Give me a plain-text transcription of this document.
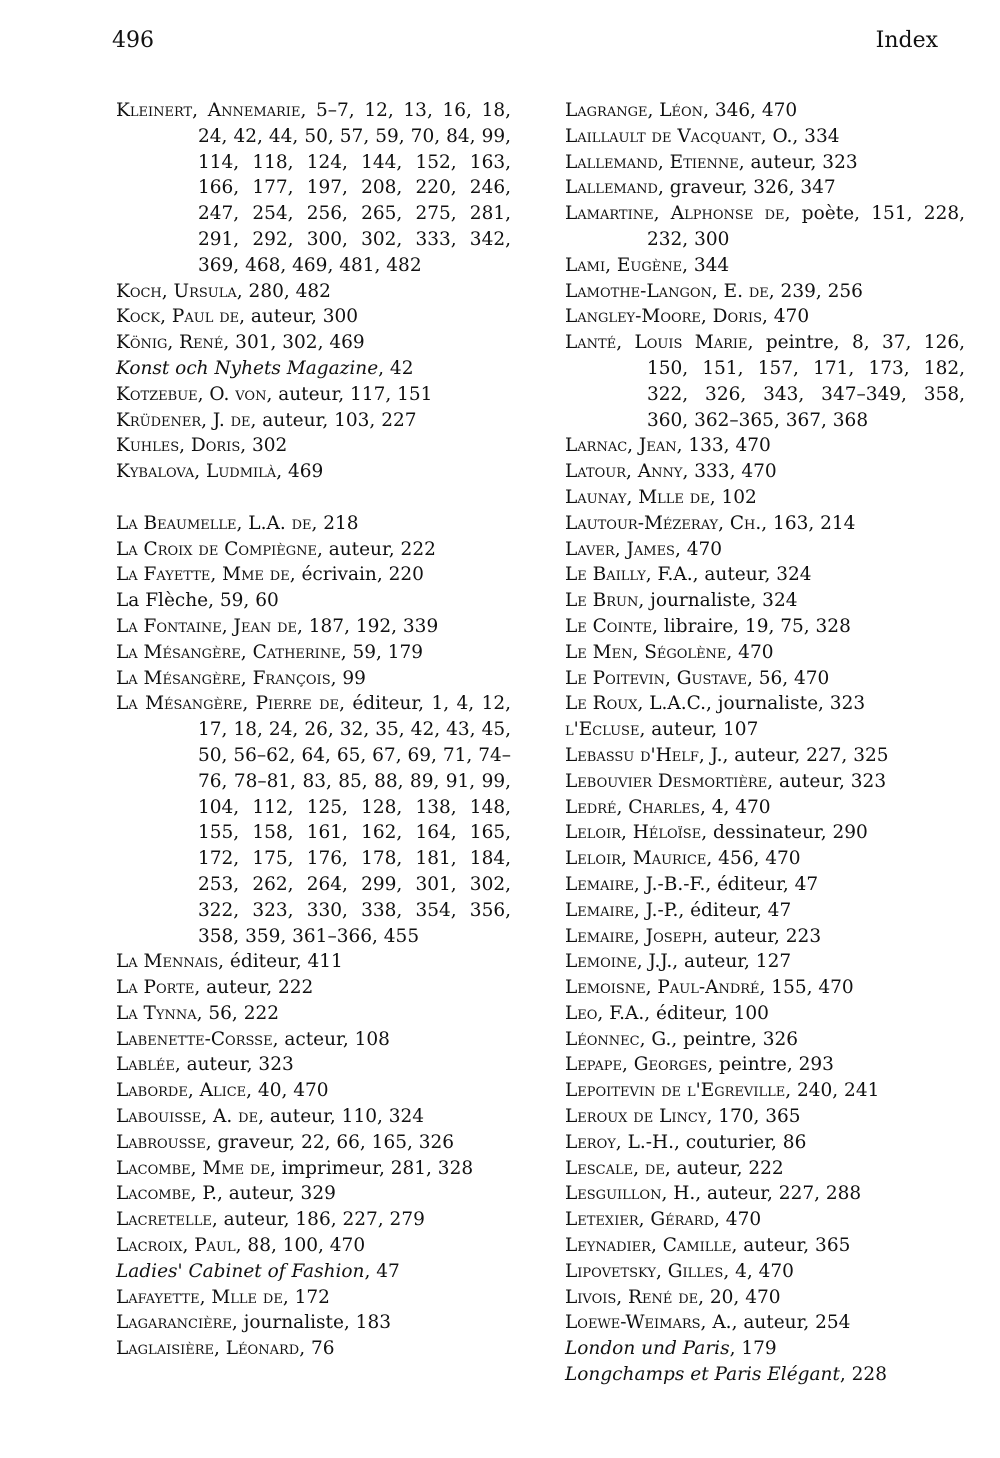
496	Index

Kleinert, Annemarie, 5–7, 12, 13, 16, 18, 24, 42, 44, 50, 57, 59, 70, 84, 99, 114, 118, 124, 144, 152, 163, 166, 177, 197, 208, 220, 246, 247, 254, 256, 265, 275, 281, 291, 292, 300, 302, 333, 342, 369, 468, 469, 481, 482

Koch, Ursula, 280, 482

Kock, Paul de, auteur, 300

König, René, 301, 302, 469

Konst och Nyhets Magazine, 42

Kotzebue, O. von, auteur, 117, 151

Krüdener, J. de, auteur, 103, 227

Kuhles, Doris, 302

Kybalova, Ludmilà, 469

La Beaumelle, L.A. de, 218

La Croix de Compiègne, auteur, 222

La Fayette, Mme de, écrivain, 220

La Flèche, 59, 60

La Fontaine, Jean de, 187, 192, 339

La Mésangère, Catherine, 59, 179

La Mésangère, François, 99

La Mésangère, Pierre de, éditeur, 1, 4, 12, 17, 18, 24, 26, 32, 35, 42, 43, 45, 50, 56–62, 64, 65, 67, 69, 71, 74–76, 78–81, 83, 85, 88, 89, 91, 99, 104, 112, 125, 128, 138, 148, 155, 158, 161, 162, 164, 165, 172, 175, 176, 178, 181, 184, 253, 262, 264, 299, 301, 302, 322, 323, 330, 338, 354, 356, 358, 359, 361–366, 455

La Mennais, éditeur, 411

La Porte, auteur, 222

La Tynna, 56, 222

Labenette-Corsse, acteur, 108

Lablée, auteur, 323

Laborde, Alice, 40, 470

Labouisse, A. de, auteur, 110, 324

Labrousse, graveur, 22, 66, 165, 326

Lacombe, Mme de, imprimeur, 281, 328

Lacombe, P., auteur, 329

Lacretelle, auteur, 186, 227, 279

Lacroix, Paul, 88, 100, 470

Ladies' Cabinet of Fashion, 47

Lafayette, Mlle de, 172

Lagarancière, journaliste, 183

Laglaisière, Léonard, 76

Lagrange, Léon, 346, 470

Laillault de Vacquant, O., 334

Lallemand, Etienne, auteur, 323

Lallemand, graveur, 326, 347

Lamartine, Alphonse de, poète, 151, 228, 232, 300

Lami, Eugène, 344

Lamothe-Langon, E. de, 239, 256

Langley-Moore, Doris, 470

Lanté, Louis Marie, peintre, 8, 37, 126, 150, 151, 157, 171, 173, 182, 322, 326, 343, 347–349, 358, 360, 362–365, 367, 368

Larnac, Jean, 133, 470

Latour, Anny, 333, 470

Launay, Mlle de, 102

Lautour-Mézeray, Ch., 163, 214

Laver, James, 470

Le Bailly, F.A., auteur, 324

Le Brun, journaliste, 324

Le Cointe, libraire, 19, 75, 328

Le Men, Ségolène, 470

Le Poitevin, Gustave, 56, 470

Le Roux, L.A.C., journaliste, 323

l'Ecluse, auteur, 107

Lebassu d'Helf, J., auteur, 227, 325

Lebouvier Desmortière, auteur, 323

Ledré, Charles, 4, 470

Leloir, Héloïse, dessinateur, 290

Leloir, Maurice, 456, 470

Lemaire, J.-B.-F., éditeur, 47

Lemaire, J.-P., éditeur, 47

Lemaire, Joseph, auteur, 223

Lemoine, J.J., auteur, 127

Lemoisne, Paul-André, 155, 470

Leo, F.A., éditeur, 100

Léonnec, G., peintre, 326

Lepape, Georges, peintre, 293

Lepoitevin de l'Egreville, 240, 241

Leroux de Lincy, 170, 365

Leroy, L.-H., couturier, 86

Lescale, de, auteur, 222

Lesguillon, H., auteur, 227, 288

Letexier, Gérard, 470

Leynadier, Camille, auteur, 365

Lipovetsky, Gilles, 4, 470

Livois, René de, 20, 470

Loewe-Weimars, A., auteur, 254

London und Paris, 179

Longchamps et Paris Elégant, 228
